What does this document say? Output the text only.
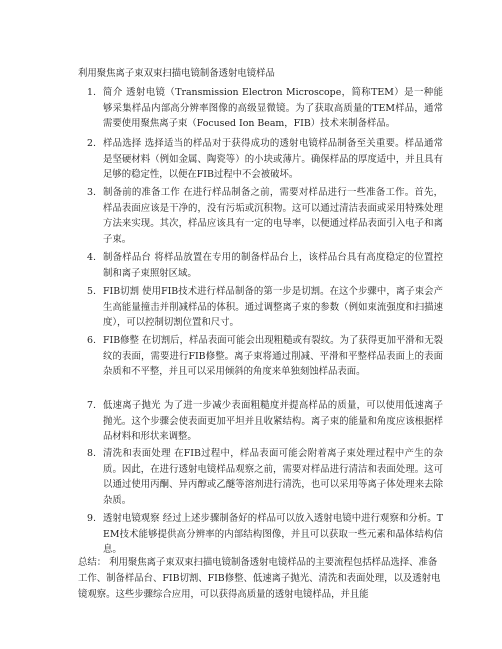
利用聚焦离子束双束扫描电镜制备透射电镜样品
1. 简介 透射电镜（Transmission Electron Microscope，简称TEM）是一种能够采集样品内部高分辨率图像的高级显微镜。为了获取高质量的TEM样品，通常需要使用聚焦离子束（Focused Ion Beam，FIB）技术来制备样品。
2. 样品选择 选择适当的样品对于获得成功的透射电镜样品制备至关重要。样品通常是坚硬材料（例如金属、陶瓷等）的小块或薄片。确保样品的厚度适中，并且具有足够的稳定性，以便在FIB过程中不会被破坏。
3. 制备前的准备工作 在进行样品制备之前，需要对样品进行一些准备工作。首先，样品表面应该是干净的，没有污垢或沉积物。这可以通过清洁表面或采用特殊处理方法来实现。其次，样品应该具有一定的电导率，以便通过样品表面引入电子和离子束。
4. 制备样品台 将样品放置在专用的制备样品台上，该样品台具有高度稳定的位置控制和离子束照射区域。
5. FIB切割 使用FIB技术进行样品制备的第一步是切割。在这个步骤中，离子束会产生高能量撞击并削减样品的体积。通过调整离子束的参数（例如束流强度和扫描速度），可以控制切割位置和尺寸。
6. FIB修整 在切割后，样品表面可能会出现粗糙或有裂纹。为了获得更加平滑和无裂纹的表面，需要进行FIB修整。离子束将通过削减、平滑和平整样品表面上的表面杂质和不平整，并且可以采用倾斜的角度来单独刻蚀样品表面。
7. 低速离子抛光 为了进一步减少表面粗糙度并提高样品的质量，可以使用低速离子抛光。这个步骤会使表面更加平坦并且收紧结构。离子束的能量和角度应该根据样品材料和形状来调整。
8. 清洗和表面处理 在FIB过程中，样品表面可能会附着离子束处理过程中产生的杂质。因此，在进行透射电镜样品观察之前，需要对样品进行清洁和表面处理。这可以通过使用丙酮、异丙醇或乙醚等溶剂进行清洗，也可以采用等离子体处理来去除杂质。
9. 透射电镜观察 经过上述步骤制备好的样品可以放入透射电镜中进行观察和分析。TEM技术能够提供高分辨率的内部结构图像，并且可以获取一些元素和晶体结构信息。
总结： 利用聚焦离子束双束扫描电镜制备透射电镜样品的主要流程包括样品选择、准备工作、制备样品台、FIB切割、FIB修整、低速离子抛光、清洗和表面处理，以及透射电镜观察。这些步骤综合应用，可以获得高质量的透射电镜样品，并且能
